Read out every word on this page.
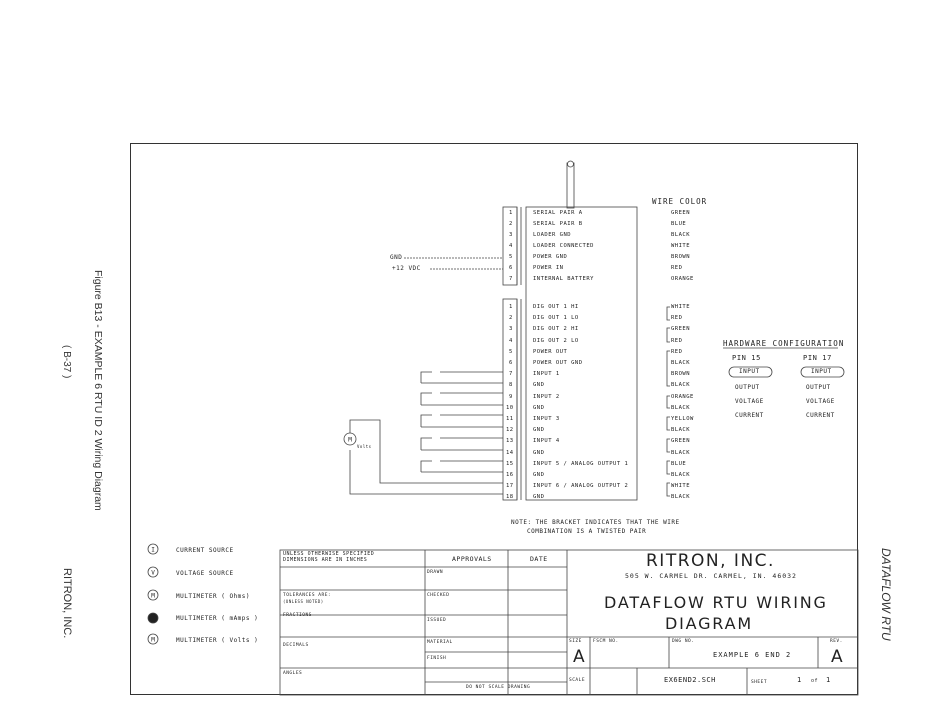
Figure B13 - EXAMPLE 6 RTU ID 2 Wiring Diagram
( B-37 )
RITRON, INC.	DATAFLOW RTU
I
V
M
M
M
WIRE COLOR
1	SERIAL PAIR A	GREEN
2	SERIAL PAIR B	BLUE
3	LOADER GND	BLACK
4	LOADER CONNECTED	WHITE
5	POWER GND	BROWN
6	POWER IN	RED
7	INTERNAL BATTERY	ORANGE
1	DIG OUT 1 HI	WHITE
2	DIG OUT 1 LO	RED
3	DIG OUT 2 HI	GREEN
4	DIG OUT 2 LO	RED
5	POWER OUT	RED
6	POWER OUT GND	BLACK
7	INPUT 1	BROWN
8	GND	BLACK
9	INPUT 2	ORANGE
10	GND	BLACK
11	INPUT 3	YELLOW
12	GND	BLACK
13	INPUT 4	GREEN
14	GND	BLACK
15	INPUT 5 / ANALOG OUTPUT 1	BLUE
16	GND	BLACK
17	INPUT 6 / ANALOG OUTPUT 2	WHITE
18	GND	BLACK
GND
+12 VDC
Volts
HARDWARE CONFIGURATION
PIN 15	PIN 17
INPUT	INPUT
OUTPUT	OUTPUT
VOLTAGE	VOLTAGE
CURRENT	CURRENT
NOTE: THE BRACKET INDICATES THAT THE WIRE
COMBINATION IS A TWISTED PAIR
CURRENT SOURCE
VOLTAGE SOURCE
MULTIMETER ( Ohms)
MULTIMETER ( mAmps )
MULTIMETER ( Volts )
UNLESS OTHERWISE SPECIFIED
DIMENSIONS ARE IN INCHES	APPROVALS	DATE
DRAWN
CHECKED
ISSUED
TOLERANCES ARE:
(UNLESS NOTED)
FRACTIONS
DECIMALS
ANGLES
MATERIAL
FINISH
DO NOT SCALE DRAWING
RITRON, INC.
505 W. CARMEL DR. CARMEL, IN. 46032
DATAFLOW RTU WIRING
DIAGRAM
SIZE FSCM NO.	DWG NO.	REV.
A	EXAMPLE 6 END 2 A
SCALE	EX6END2.SCH	SHEET	1 of 1
